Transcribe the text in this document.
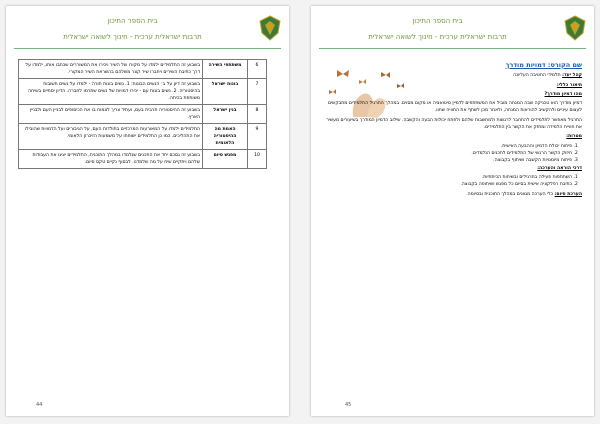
בית הספר התיכון
תרבות ישראלית ערכית - חינוך לשואה ישראלית
6	משתתפי השירה	בשבוע זה התלמידים ילמדו על מקורו של השיר ויכירו את המשוררים שכתבו אותו, ילמדו על דרך כתיבת השירים ויחברו שיר קצר משלהם בהשראת השיר המקורי.
7	בונות ישראל	בשבוע זה דיון על ב׳ הנשים הבונות: 1. נשים בונות תורה - ילמדו על נשים חשובות בהיסטוריה. 2. נשים בונות עם - יכירו דמויות של נשים שתרמו לחברה. הדיון יסתיים בשיחה משותפת בכיתה.
8	בנין ישראל	בשבוע זה ההיסטוריה תרבית בעם, ועתיד צריך לצמוח בו את הכיסופים לבניין העם ולבניין הארץ.
9	האמת מה ההיסטוריה הלאומית	התלמידים ילמדו על המאורעות המרכזיים בתולדות העם, על הגיבורים ועל הדמויות שהובילו את התהליכים. כמו כן התלמידים ישוחחו על משמעות הזיכרון הלאומי.
10	מפגש סיום	בשבוע זה נסכם יחד את התכנים שנלמדו במהלך התוכנית, התלמידים יציגו את העבודות שלהם ויתקיים שיח על מה שלמדנו. לבסוף נקיים טקס סיום.
44
בית הספר התיכון
תרבות ישראלית ערכית - חינוך לשואה ישראלית
שם הקורס: דמויות מודרך

קהל יעד: תלמידי החטיבה העליונה

תיאור כללי:

מהו דמיון מודרך?

דמיון מודרך הוא טכניקה שבה המנחה מוביל את המשתתפים לדמיין סיטואציה או מקום מסוים. במהלך התרגיל התלמידים מתבקשים לעצום עיניים ולהקשיב להוראות המנחה, ולאחר מכן לשתף את החוויה שחוו.

התרגיל מאפשר לתלמידים להתחבר לרגשות ולמחשבות שלהם ולפתח יכולות הבעה והקשבה. שילוב הדמיון המודרך בשיעורים מעשיר את חוויית הלמידה ומחזק את הקשר בין התלמידים.

מטרות:

1. פיתוח יכולת הדמיון וההבעה האישית.
2. חיזוק הקשר הרגשי של התלמידים לתכנים הנלמדים.
3. פיתוח מיומנויות הקשבה ושיתוף בקבוצה.

דרכי הוראה והערכה:

1. השתתפות פעילה בתרגילים ובשיחות הכיתתיות.
2. כתיבת רפלקציה אישית בסיום כל מפגש ושיתופה בקבוצה.

הערכת סיום: כלי הערכה מגוונים במהלך התוכנית ובסיומה.

45
